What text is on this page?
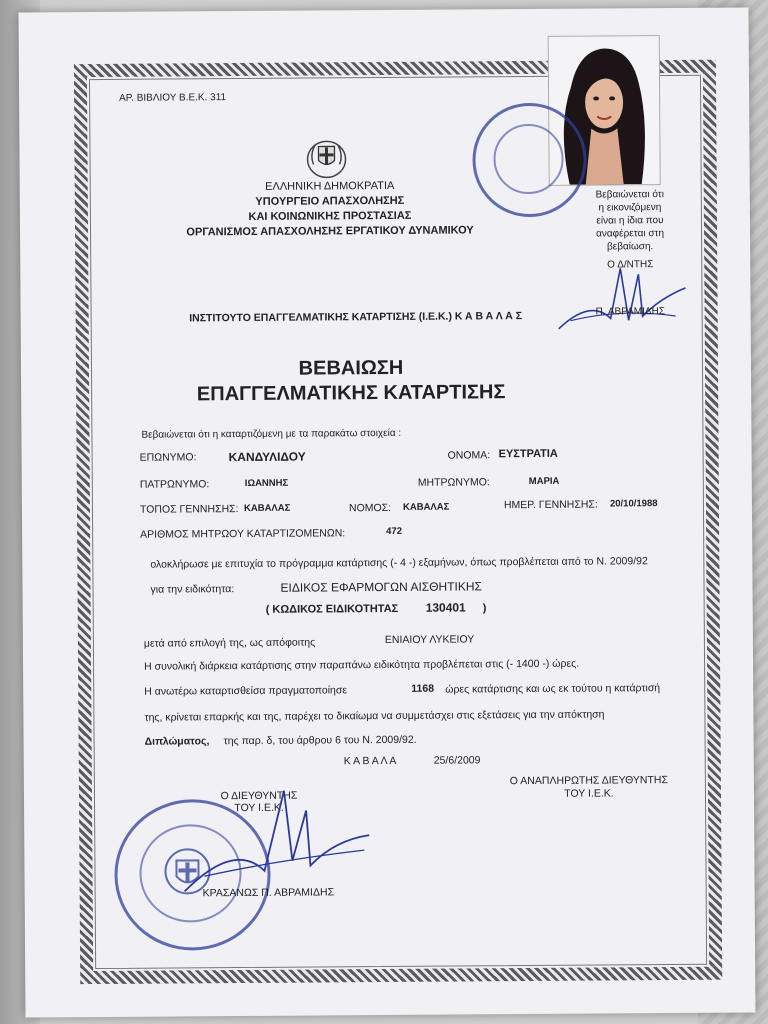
ΑΡ. ΒΙΒΛΙΟΥ Β.Ε.Κ. 311
ΕΛΛΗΝΙΚΗ ΔΗΜΟΚΡΑΤΙΑ
ΥΠΟΥΡΓΕΙΟ ΑΠΑΣΧΟΛΗΣΗΣ
ΚΑΙ ΚΟΙΝΩΝΙΚΗΣ ΠΡΟΣΤΑΣΙΑΣ
ΟΡΓΑΝΙΣΜΟΣ ΑΠΑΣΧΟΛΗΣΗΣ ΕΡΓΑΤΙΚΟΥ ΔΥΝΑΜΙΚΟΥ
Βεβαιώνεται ότι
η εικονιζόμενη
είναι η ίδια που
αναφέρεται στη
βεβαίωση.
Ο Δ/ΝΤΗΣ
Π. ΑΒΡΑΜΙΔΗΣ
ΙΝΣΤΙΤΟΥΤΟ ΕΠΑΓΓΕΛΜΑΤΙΚΗΣ ΚΑΤΑΡΤΙΣΗΣ (Ι.Ε.Κ.) Κ Α Β Α Λ Α Σ
ΒΕΒΑΙΩΣΗ
ΕΠΑΓΓΕΛΜΑΤΙΚΗΣ ΚΑΤΑΡΤΙΣΗΣ
Βεβαιώνεται ότι η καταρτιζόμενη με τα παρακάτω στοιχεία :
ΕΠΩΝΥΜΟ:	ΚΑΝΔΥΛΙΔΟΥ	ΟΝΟΜΑ: ΕΥΣΤΡΑΤΙΑ
ΠΑΤΡΩΝΥΜΟ:	ΙΩΑΝΝΗΣ	ΜΗΤΡΩΝΥΜΟ:	ΜΑΡΙΑ
ΤΟΠΟΣ ΓΕΝΝΗΣΗΣ: ΚΑΒΑΛΑΣ	ΝΟΜΟΣ: ΚΑΒΑΛΑΣ	ΗΜΕΡ. ΓΕΝΝΗΣΗΣ: 20/10/1988
ΑΡΙΘΜΟΣ ΜΗΤΡΩΟΥ ΚΑΤΑΡΤΙΖΟΜΕΝΩΝ:	472
ολοκλήρωσε με επιτυχία το πρόγραμμα κατάρτισης (- 4 -) εξαμήνων, όπως προβλέπεται από το Ν. 2009/92
για την ειδικότητα:	ΕΙΔΙΚΟΣ ΕΦΑΡΜΟΓΩΝ ΑΙΣΘΗΤΙΚΗΣ
( ΚΩΔΙΚΟΣ ΕΙΔΙΚΟΤΗΤΑΣ 130401 )
μετά από επιλογή της, ως απόφοιτης	ΕΝΙΑΙΟΥ ΛΥΚΕΙΟΥ
Η συνολική διάρκεια κατάρτισης στην παραπάνω ειδικότητα προβλέπεται στις (- 1400 -) ώρες.
Η ανωτέρω καταρτισθείσα πραγματοποίησε	1168 ώρες κατάρτισης και ως εκ τούτου η κατάρτισή
της, κρίνεται επαρκής και της, παρέχει το δικαίωμα να συμμετάσχει στις εξετάσεις για την απόκτηση
Διπλώματος, της παρ. δ, του άρθρου 6 του Ν. 2009/92.
Κ Α Β Α Λ Α	25/6/2009
Ο ΔΙΕΥΘΥΝΤΗΣ
ΤΟΥ Ι.Ε.Κ.
Ο ΑΝΑΠΛΗΡΩΤΗΣ ΔΙΕΥΘΥΝΤΗΣ
ΤΟΥ Ι.Ε.Κ.
ΚΡΑΣΑΝΩΣ Π. ΑΒΡΑΜΙΔΗΣ
